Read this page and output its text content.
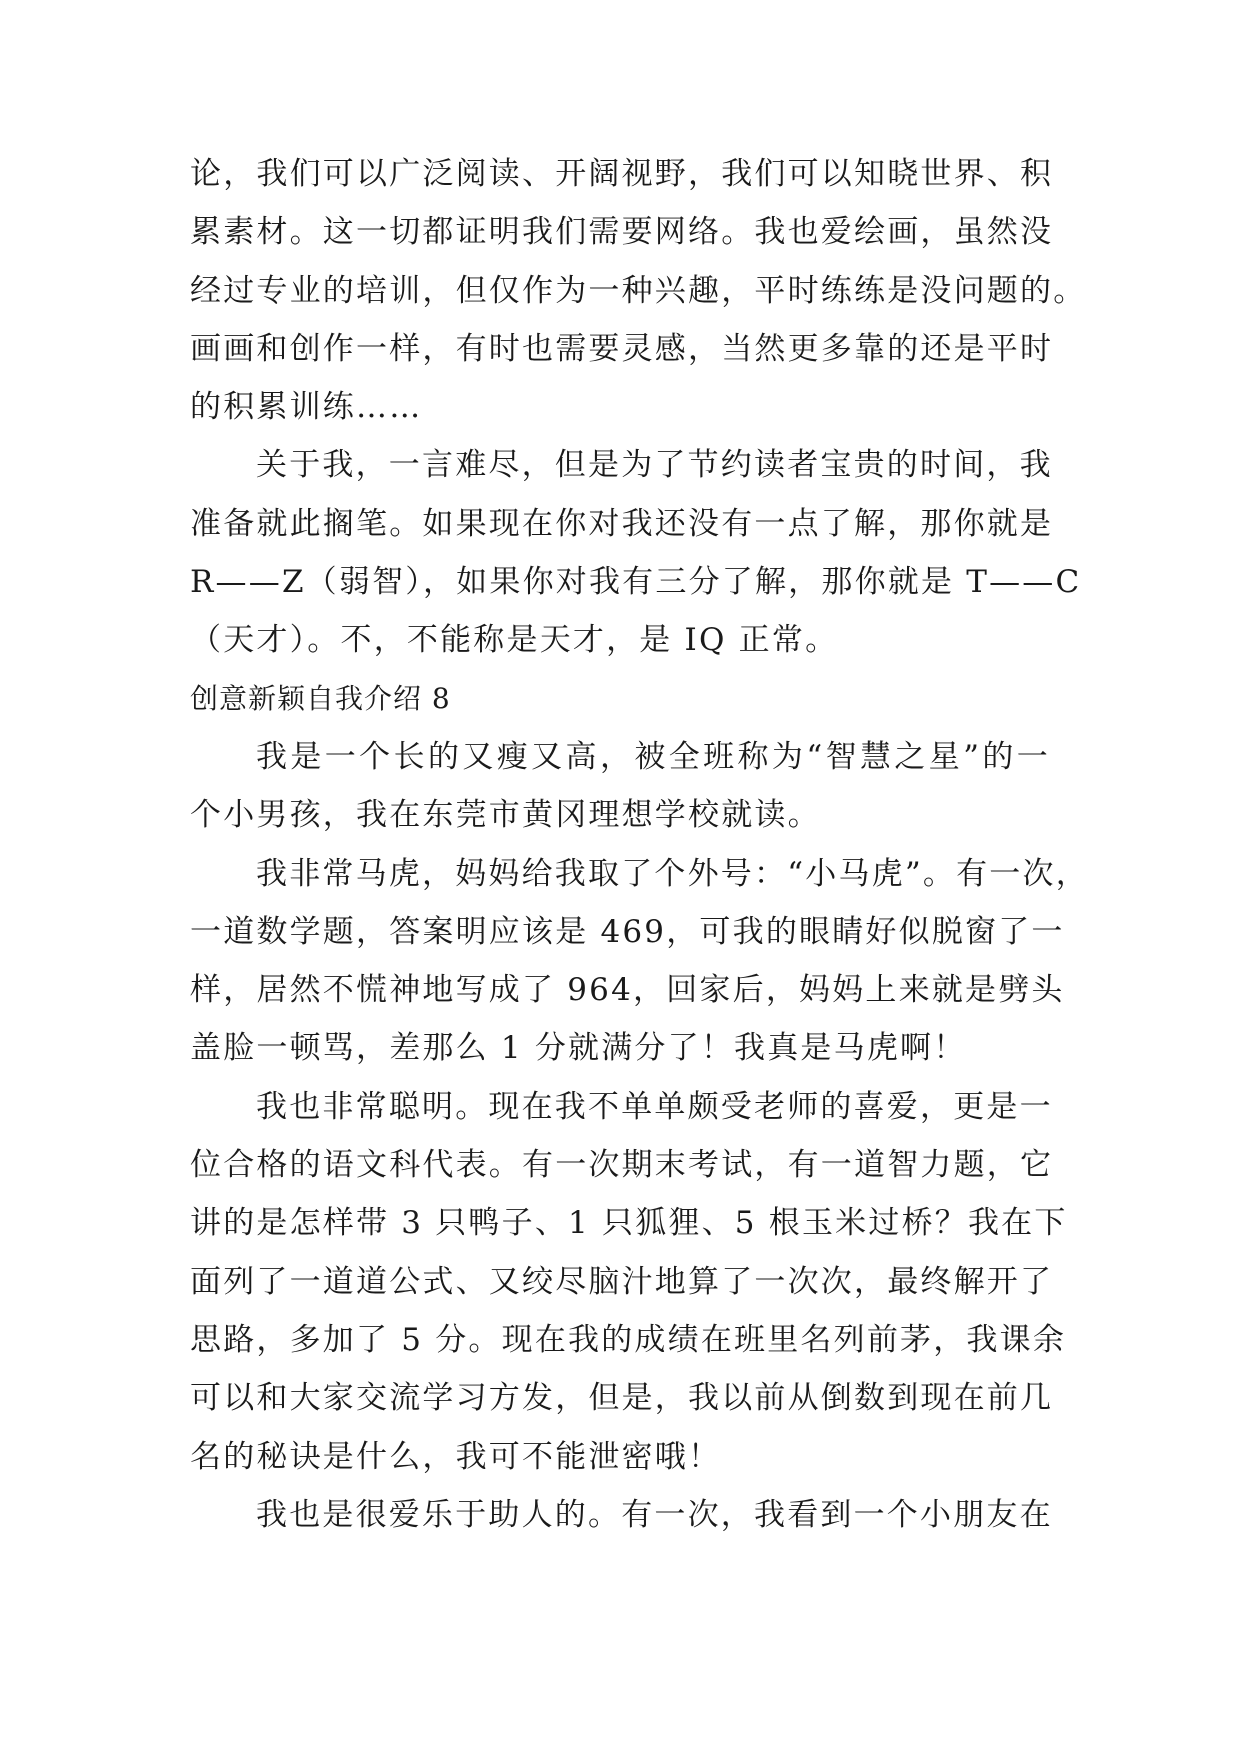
论，我们可以广泛阅读、开阔视野，我们可以知晓世界、积
累素材。这一切都证明我们需要网络。我也爱绘画，虽然没
经过专业的培训，但仅作为一种兴趣，平时练练是没问题的。
画画和创作一样，有时也需要灵感，当然更多靠的还是平时
的积累训练……
关于我，一言难尽，但是为了节约读者宝贵的时间，我
准备就此搁笔。如果现在你对我还没有一点了解，那你就是
R——Z（弱智），如果你对我有三分了解，那你就是 T——C
（天才）。不，不能称是天才，是 IQ 正常。
创意新颖自我介绍 8
我是一个长的又瘦又高，被全班称为“智慧之星”的一
个小男孩，我在东莞市黄冈理想学校就读。
我非常马虎，妈妈给我取了个外号：“小马虎”。有一次，
一道数学题，答案明应该是 469，可我的眼睛好似脱窗了一
样，居然不慌神地写成了 964，回家后，妈妈上来就是劈头
盖脸一顿骂，差那么 1 分就满分了！我真是马虎啊！
我也非常聪明。现在我不单单颇受老师的喜爱，更是一
位合格的语文科代表。有一次期末考试，有一道智力题，它
讲的是怎样带 3 只鸭子、1 只狐狸、5 根玉米过桥？我在下
面列了一道道公式、又绞尽脑汁地算了一次次，最终解开了
思路，多加了 5 分。现在我的成绩在班里名列前茅，我课余
可以和大家交流学习方发，但是，我以前从倒数到现在前几
名的秘诀是什么，我可不能泄密哦！
我也是很爱乐于助人的。有一次，我看到一个小朋友在
